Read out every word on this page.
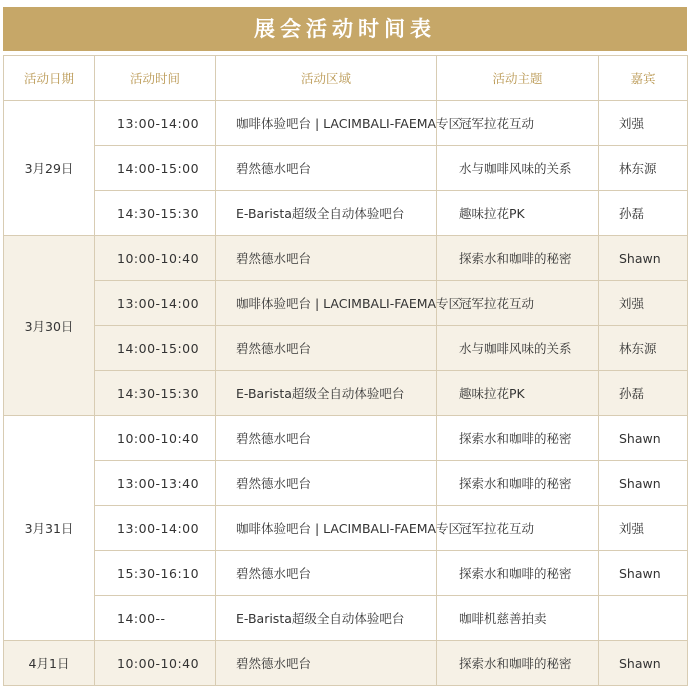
展会活动时间表
活动日期	活动时间	活动区域	活动主题	嘉宾
3月29日	13:00-14:00	咖啡体验吧台 | LACIMBALI-FAEMA专区	冠军拉花互动	刘强
	14:00-15:00	碧然德水吧台	水与咖啡风味的关系	林东源
	14:30-15:30	E-Barista超级全自动体验吧台	趣味拉花PK	孙磊
3月30日	10:00-10:40	碧然德水吧台	探索水和咖啡的秘密	Shawn
	13:00-14:00	咖啡体验吧台 | LACIMBALI-FAEMA专区	冠军拉花互动	刘强
	14:00-15:00	碧然德水吧台	水与咖啡风味的关系	林东源
	14:30-15:30	E-Barista超级全自动体验吧台	趣味拉花PK	孙磊
3月31日	10:00-10:40	碧然德水吧台	探索水和咖啡的秘密	Shawn
	13:00-13:40	碧然德水吧台	探索水和咖啡的秘密	Shawn
	13:00-14:00	咖啡体验吧台 | LACIMBALI-FAEMA专区	冠军拉花互动	刘强
	15:30-16:10	碧然德水吧台	探索水和咖啡的秘密	Shawn
	14:00--	E-Barista超级全自动体验吧台	咖啡机慈善拍卖	
4月1日	10:00-10:40	碧然德水吧台	探索水和咖啡的秘密	Shawn
